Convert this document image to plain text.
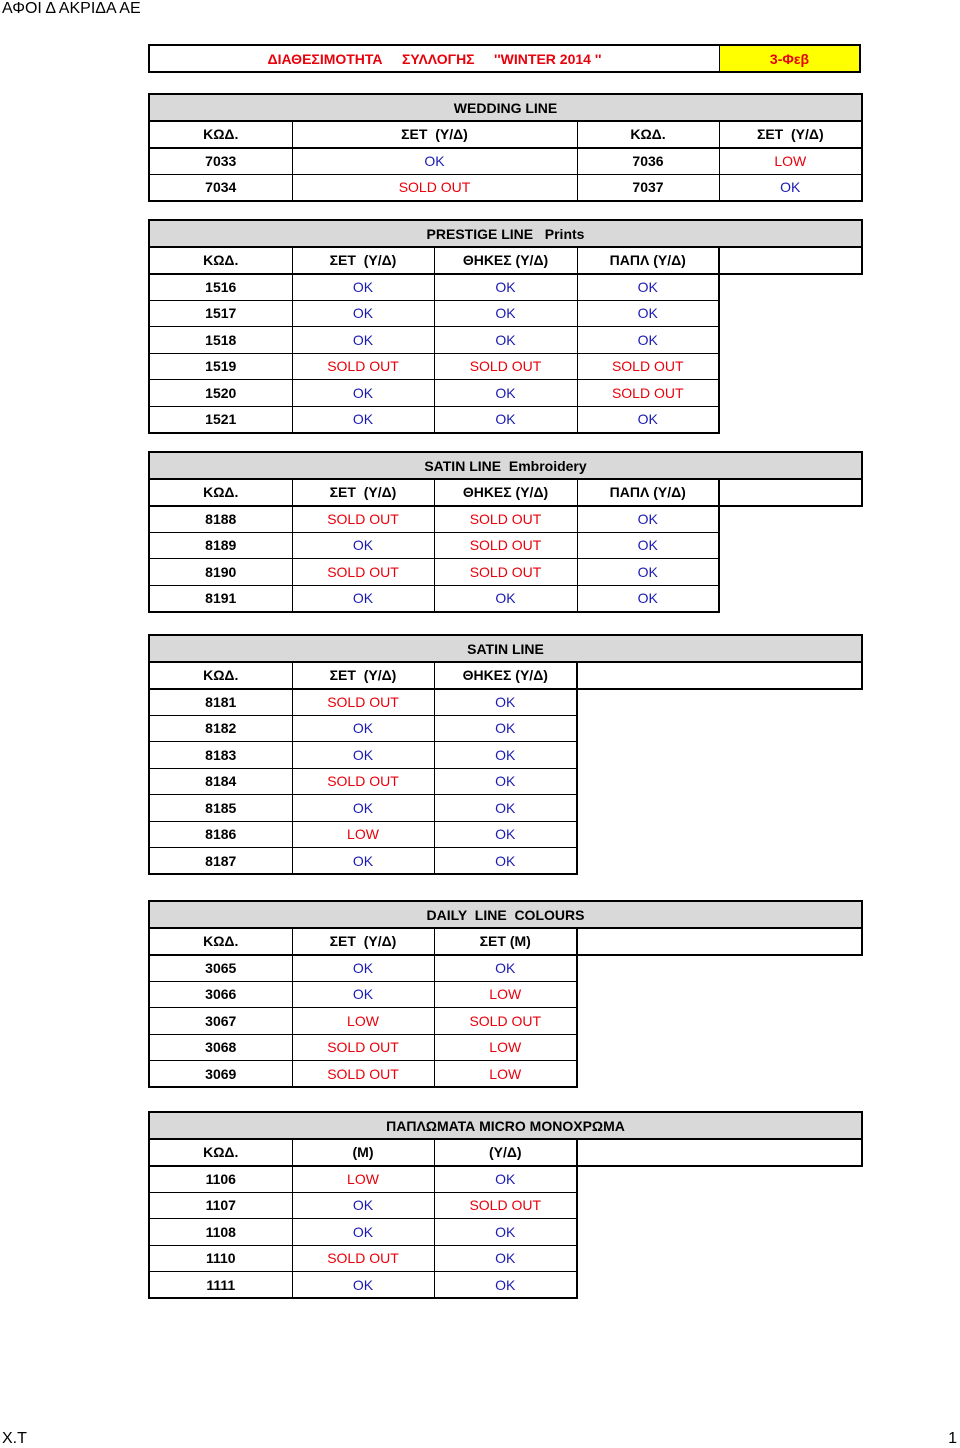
ΑΦΟΙ Δ ΑΚΡΙΔΑ ΑΕ
ΔΙΑΘΕΣΙΜΟΤΗΤΑ     ΣΥΛΛΟΓΗΣ     ''WINTER 2014 ''	3-Φεβ
WEDDING LINE			
ΚΩΔ.	ΣΕΤ  (Υ/Δ)	ΚΩΔ.	ΣΕΤ  (Υ/Δ)
7033	OK	7036	LOW
7034	SOLD OUT	7037	OK
PRESTIGE LINE   Prints				
ΚΩΔ.	ΣΕΤ  (Υ/Δ)	ΘΗΚΕΣ (Υ/Δ)	ΠΑΠΛ (Υ/Δ)	
1516	OK	OK	OK	
1517	OK	OK	OK	
1518	OK	OK	OK	
1519	SOLD OUT	SOLD OUT	SOLD OUT	
1520	OK	OK	SOLD OUT	
1521	OK	OK	OK	
SATIN LINE  Embroidery				
ΚΩΔ.	ΣΕΤ  (Υ/Δ)	ΘΗΚΕΣ (Υ/Δ)	ΠΑΠΛ (Υ/Δ)	
8188	SOLD OUT	SOLD OUT	OK	
8189	OK	SOLD OUT	OK	
8190	SOLD OUT	SOLD OUT	OK	
8191	OK	OK	OK	
SATIN LINE			
ΚΩΔ.	ΣΕΤ  (Υ/Δ)	ΘΗΚΕΣ (Υ/Δ)	
8181	SOLD OUT	OK	
8182	OK	OK	
8183	OK	OK	
8184	SOLD OUT	OK	
8185	OK	OK	
8186	LOW	OK	
8187	OK	OK	
DAILY  LINE  COLOURS			
ΚΩΔ.	ΣΕΤ  (Υ/Δ)	ΣΕΤ (Μ)	
3065	OK	OK	
3066	OK	LOW	
3067	LOW	SOLD OUT	
3068	SOLD OUT	LOW	
3069	SOLD OUT	LOW	
ΠΑΠΛΩΜΑΤΑ MICRO ΜΟΝΟΧΡΩΜΑ			
ΚΩΔ.	(Μ)	(Υ/Δ)	
1106	LOW	OK	
1107	OK	SOLD OUT	
1108	OK	OK	
1110	SOLD OUT	OK	
1111	OK	OK	
Χ.Τ	1
